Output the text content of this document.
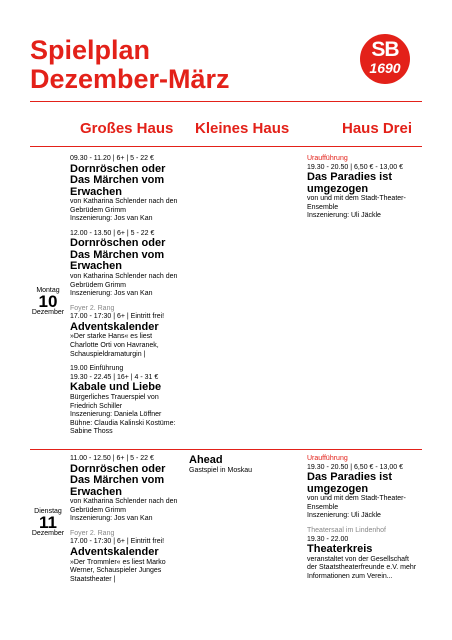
Spielplan
Dezember-März
SB
1690
Großes Haus Kleines Haus	Haus Drei
Montag
10
Dezember
09.30 - 11.20 | 6+ | 5 - 22 €
Dornröschen oder Das Märchen vom Erwachen
von Katharina Schlender nach den Gebrüdem Grimm
Inszenierung: Jos van Kan
12.00 - 13.50 | 6+ | 5 - 22 €
Dornröschen oder Das Märchen vom Erwachen
von Katharina Schlender nach den Gebrüdem Grimm
Inszenierung: Jos van Kan
Foyer 2. Rang
17.00 - 17:30 | 6+ | Eintritt frei!
Adventskalender
»Der starke Hans« es liest Charlotte Orti von Havranek, Schauspieldramaturgin |
19.00 Einführung
19.30 - 22.45 | 16+ | 4 - 31 €
Kabale und Liebe
Bürgerliches Trauerspiel von Friedrich Schiller
Inszenierung: Daniela Löffner Bühne: Claudia Kalinski Kostüme: Sabine Thoss
Uraufführung
19.30 - 20.50 | 6,50 € - 13,00 €
Das Paradies ist umgezogen
von und mit dem Stadt-Theater-Ensemble
Inszenierung: Uli Jäckle
Dienstag
11
Dezember
11.00 - 12.50 | 6+ | 5 - 22 €
Dornröschen oder Das Märchen vom Erwachen
von Katharina Schlender nach den Gebrüdem Grimm
Inszenierung: Jos van Kan
Foyer 2. Rang
17.00 - 17:30 | 6+ | Eintritt frei!
Adventskalender
»Der Trommler« es liest Marko Werner, Schauspieler Junges Staatstheater |
Ahead
Gastspiel in Moskau
Uraufführung
19.30 - 20.50 | 6,50 € - 13,00 €
Das Paradies ist umgezogen
von und mit dem Stadt-Theater-Ensemble
Inszenierung: Uli Jäckle
Theatersaal im Lindenhof
19.30 - 22.00
Theaterkreis
veranstaltet von der Gesellschaft der Staatstheaterfreunde e.V. mehr Informationen zum Verein...
